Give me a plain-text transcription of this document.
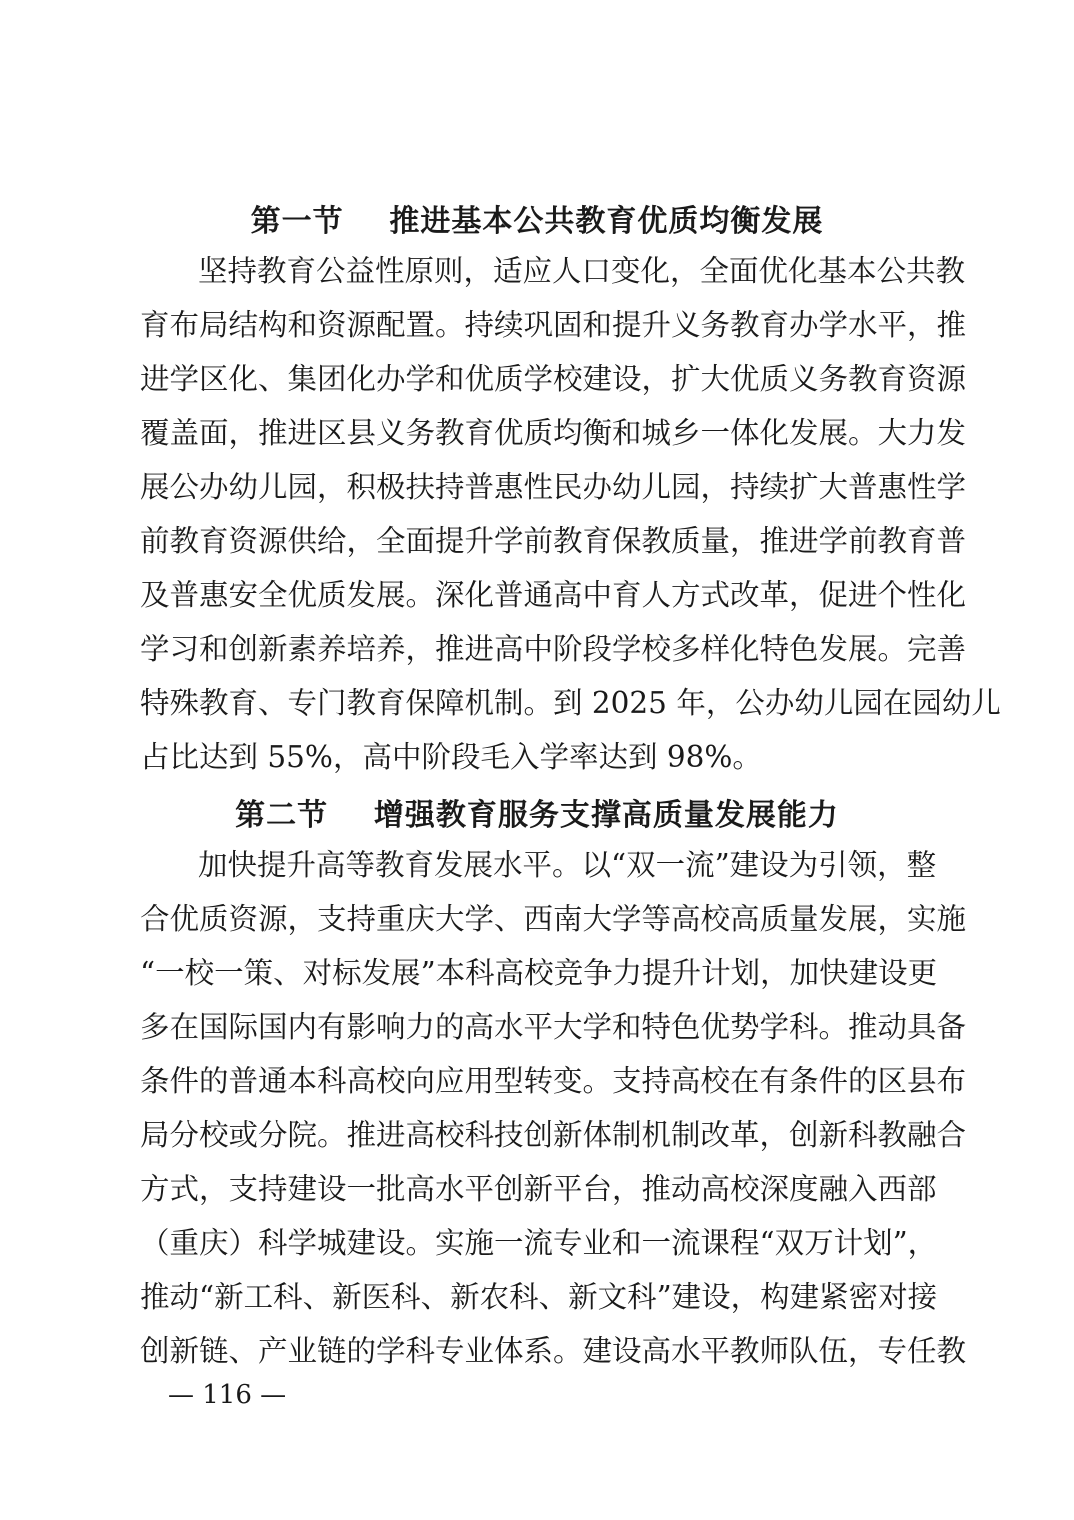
第一节    推进基本公共教育优质均衡发展
坚持教育公益性原则，适应人口变化，全面优化基本公共教
育布局结构和资源配置。持续巩固和提升义务教育办学水平，推
进学区化、集团化办学和优质学校建设，扩大优质义务教育资源
覆盖面，推进区县义务教育优质均衡和城乡一体化发展。大力发
展公办幼儿园，积极扶持普惠性民办幼儿园，持续扩大普惠性学
前教育资源供给，全面提升学前教育保教质量，推进学前教育普
及普惠安全优质发展。深化普通高中育人方式改革，促进个性化
学习和创新素养培养，推进高中阶段学校多样化特色发展。完善
特殊教育、专门教育保障机制。到 2025 年，公办幼儿园在园幼儿
占比达到 55%，高中阶段毛入学率达到 98%。
第二节    增强教育服务支撑高质量发展能力
加快提升高等教育发展水平。以“双一流”建设为引领，整
合优质资源，支持重庆大学、西南大学等高校高质量发展，实施
“一校一策、对标发展”本科高校竞争力提升计划，加快建设更
多在国际国内有影响力的高水平大学和特色优势学科。推动具备
条件的普通本科高校向应用型转变。支持高校在有条件的区县布
局分校或分院。推进高校科技创新体制机制改革，创新科教融合
方式，支持建设一批高水平创新平台，推动高校深度融入西部
（重庆）科学城建设。实施一流专业和一流课程“双万计划”，
推动“新工科、新医科、新农科、新文科”建设，构建紧密对接
创新链、产业链的学科专业体系。建设高水平教师队伍，专任教
— 116 —
